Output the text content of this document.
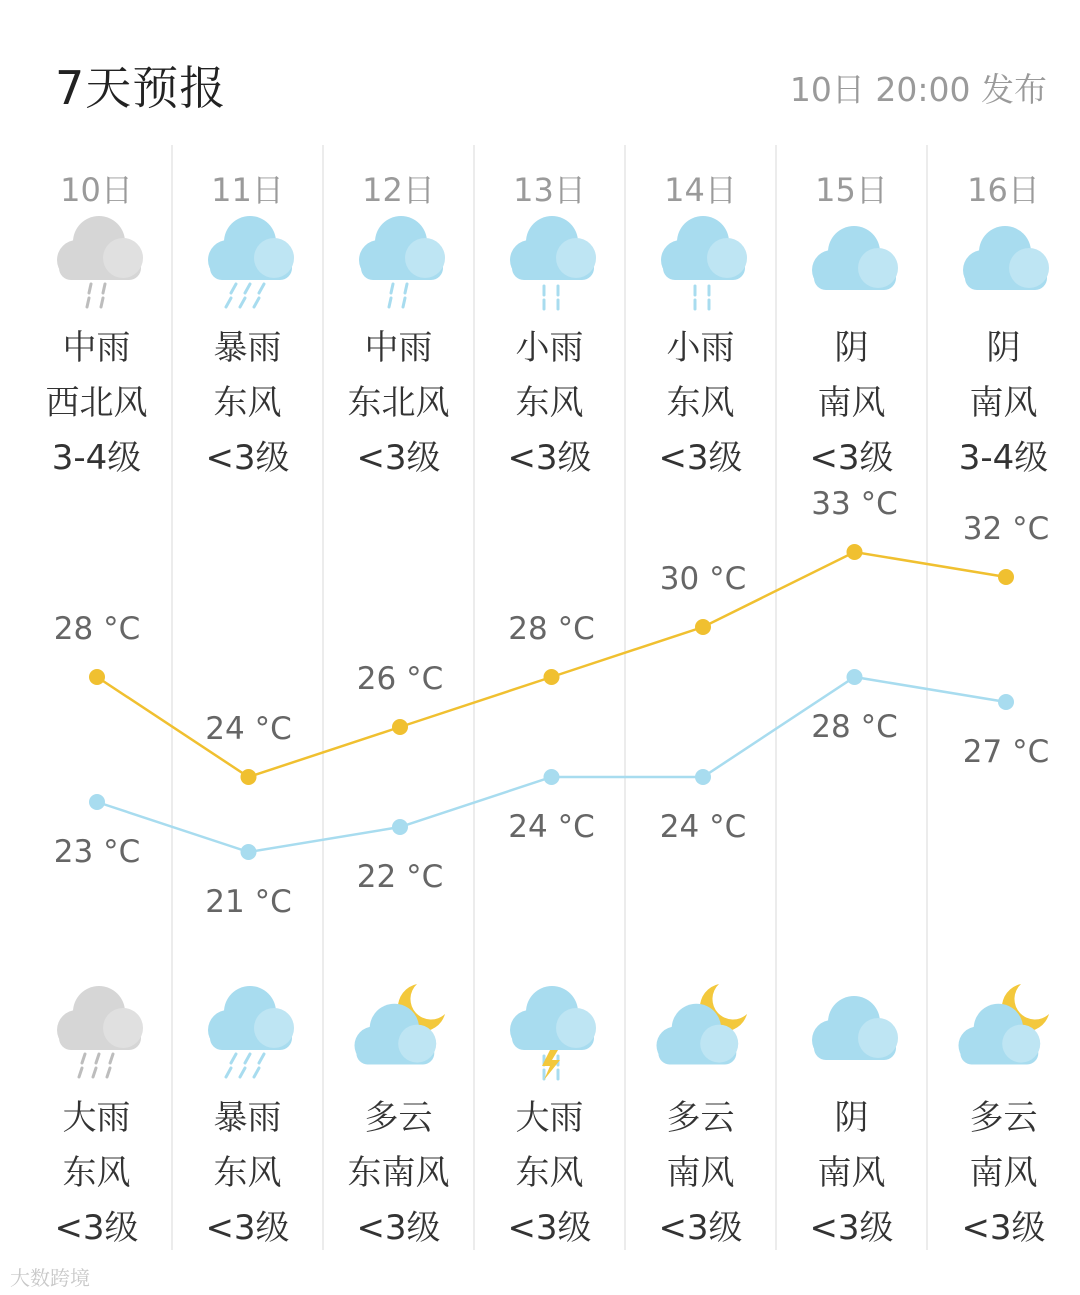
7天预报	10日 20:00 发布
10日
中雨
西北风
3-4级
大雨
东风
<3级
11日
暴雨
东风
<3级
暴雨
东风
<3级
12日
中雨
东北风
<3级
多云
东南风
<3级
13日
小雨
东风
<3级
大雨
东风
<3级
14日
小雨
东风
<3级
多云
南风
<3级
15日
阴
南风
<3级
阴
南风
<3级
16日
阴
南风
3-4级
多云
南风
<3级
28 °C
24 °C
26 °C
28 °C
30 °C
33 °C
32 °C
23 °C
21 °C
22 °C
24 °C 24 °C
28 °C
27 °C
大数跨境
